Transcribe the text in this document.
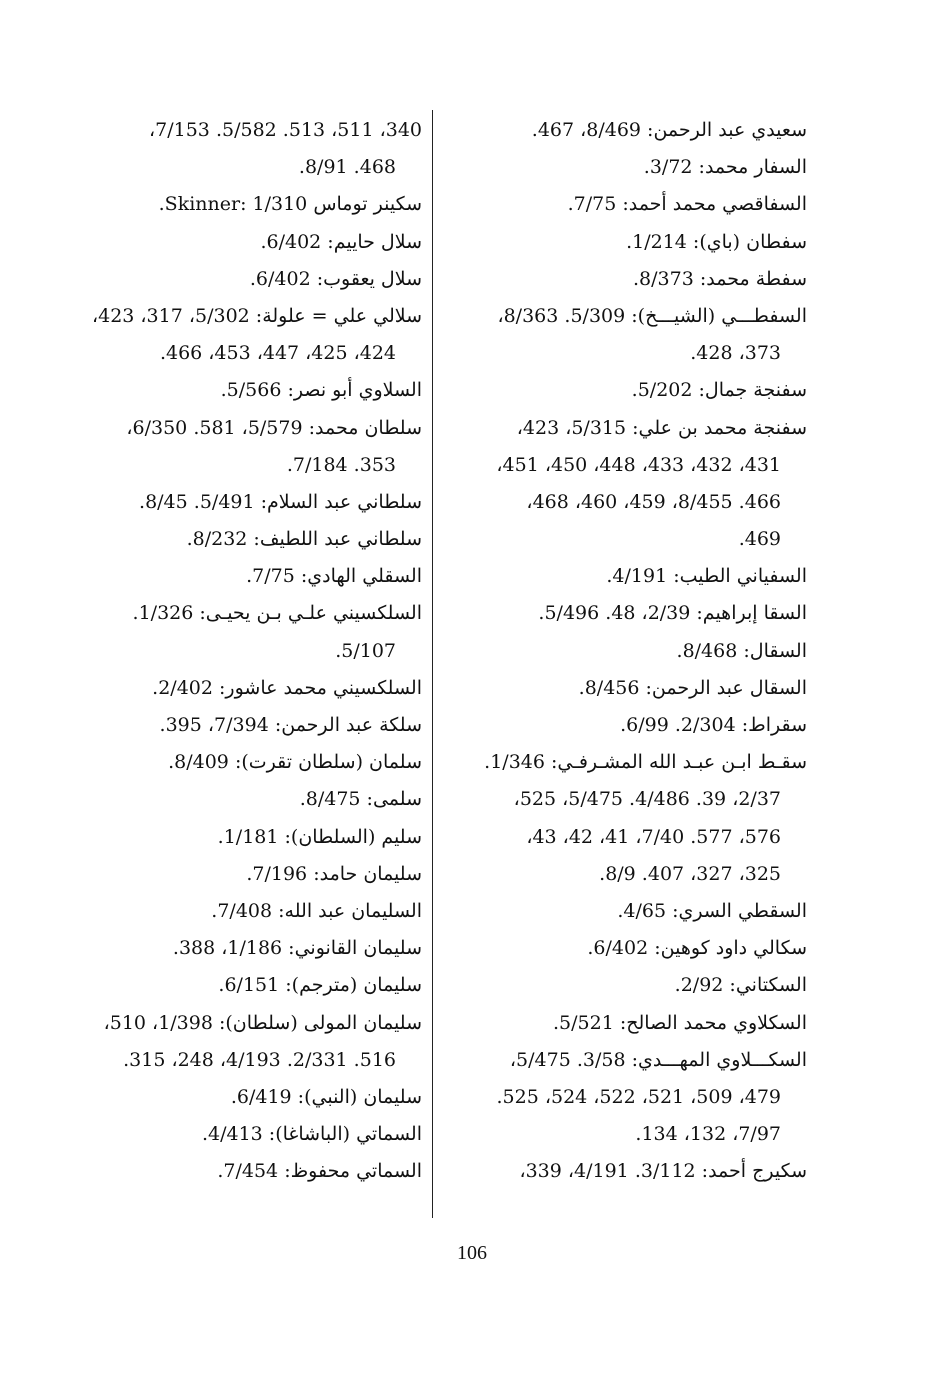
سعيدي عبد الرحمن: 8/469، 467.
السفار محمد: 3/72.
السفاقصي محمد أحمد: 7/75.
سفطان (باي): 1/214.
سفطة محمد: 8/373.
السفطـــي (الشيـــخ): 5/309. 8/363،
373، 428.
سفنجة جمال: 5/202.
سفنجة محمد بن علي: 5/315، 423،
431، 432، 433، 448، 450، 451،
466. 8/455، 459، 460، 468،
469.
السفياني الطيب: 4/191.
السقا إبراهيم: 2/39، 48. 5/496.
السقال: 8/468.
السقال عبد الرحمن: 8/456.
سقراط: 2/304. 6/99.
سقـط ابـن عبـد الله المشـرفـي: 1/346.
2/37، 39. 4/486. 5/475، 525،
576، 577. 7/40، 41، 42، 43،
325، 327، 407. 8/9.
السقطي السري: 4/65.
سكالي داود كوهين: 6/402.
السكتاني: 2/92.
السكلاوي محمد الصالح: 5/521.
السكـــلاوي المهـــدي: 3/58. 5/475،
479، 509، 521، 522، 524، 525.
7/97، 132، 134.
سكيرج أحمد: 3/112. 4/191، 339،
340، 511، 513. 5/582. 7/153،
468. 8/91.
سكينر توماس Skinner: 1/310.
سلال حاييم: 6/402.
سلال يعقوب: 6/402.
سلالي علي = علولة: 5/302، 317، 423،
424، 425، 447، 453، 466.
السلاوي أبو نصر: 5/566.
سلطان محمد: 5/579، 581. 6/350،
353. 7/184.
سلطاني عبد السلام: 5/491. 8/45.
سلطاني عبد اللطيف: 8/232.
السقلي الهادي: 7/75.
السلكسيني علـي بـن يحيـى: 1/326.
5/107.
السلكسيني محمد عاشور: 2/402.
سلكة عبد الرحمن: 7/394، 395.
سلمان (سلطان تقرت): 8/409.
سلمى: 8/475.
سليم (السلطان): 1/181.
سليمان حامد: 7/196.
السليمان عبد الله: 7/408.
سليمان القانوني: 1/186، 388.
سليمان (مترجم): 6/151.
سليمان المولى (سلطان): 1/398، 510،
516. 2/331. 4/193، 248، 315.
سليمان (النبي): 6/419.
السماتي (الباشاغا): 4/413.
السماتي محفوظ: 7/454.
106
